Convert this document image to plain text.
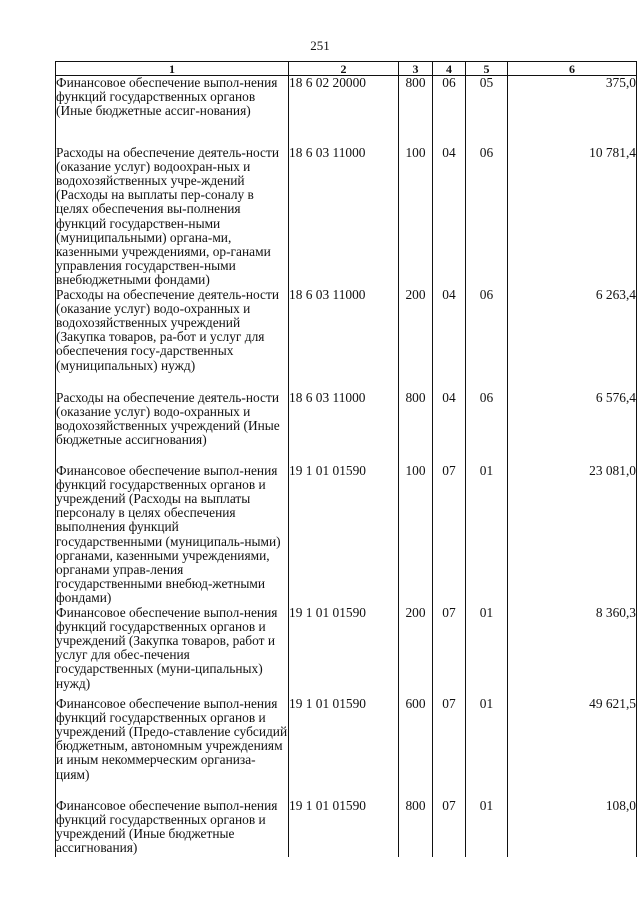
251
1	2	3	4	5	6
Финансовое обеспечение выпол-нения функций государственных органов (Иные бюджетные ассиг-нования)	18 6 02 20000	800	06	05	375,0
Расходы на обеспечение деятель-ности (оказание услуг) водоохран-ных и водохозяйственных учре-ждений (Расходы на выплаты пер-соналу в целях обеспечения вы-полнения функций государствен-ными (муниципальными) органа-ми, казенными учреждениями, ор-ганами управления государствен-ными внебюджетными фондами)	18 6 03 11000	100	04	06	10 781,4
Расходы на обеспечение деятель-ности (оказание услуг) водо-охранных и водохозяйственных учреждений (Закупка товаров, ра-бот и услуг для обеспечения госу-дарственных (муниципальных) нужд)	18 6 03 11000	200	04	06	6 263,4
Расходы на обеспечение деятель-ности (оказание услуг) водо-охранных и водохозяйственных учреждений (Иные бюджетные ассигнования)	18 6 03 11000	800	04	06	6 576,4
Финансовое обеспечение выпол-нения функций государственных органов и учреждений (Расходы на выплаты персоналу в целях обеспечения выполнения функций государственными (муниципаль-ными) органами, казенными учреждениями, органами управ-ления государственными внебюд-жетными фондами)	19 1 01 01590	100	07	01	23 081,0
Финансовое обеспечение выпол-нения функций государственных органов и учреждений (Закупка товаров, работ и услуг для обес-печения государственных (муни-ципальных) нужд)	19 1 01 01590	200	07	01	8 360,3
Финансовое обеспечение выпол-нения функций государственных органов и учреждений (Предо-ставление субсидий бюджетным, автономным учреждениям и иным некоммерческим организа-циям)	19 1 01 01590	600	07	01	49 621,5
Финансовое обеспечение выпол-нения функций государственных органов и учреждений (Иные бюджетные ассигнования)	19 1 01 01590	800	07	01	108,0
